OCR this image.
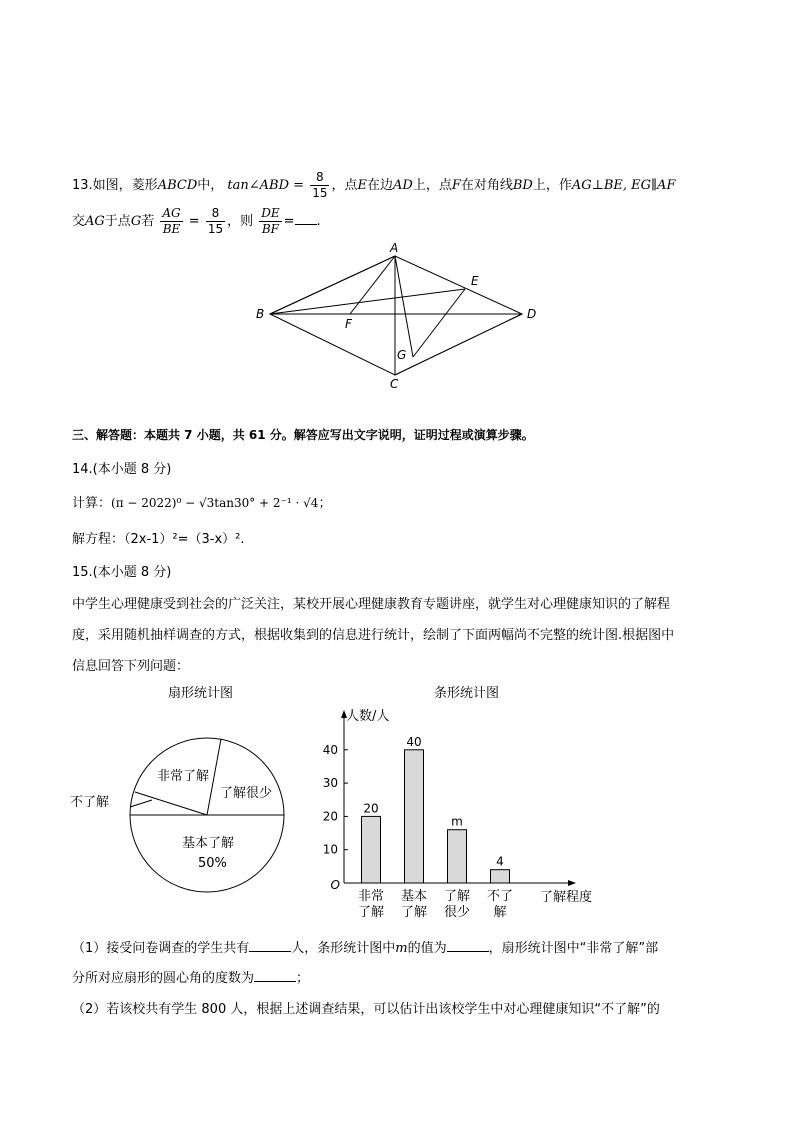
13.如图，菱形ABCD中， tan∠ABD = $\frac{8}{15}$ ，点E在边AD上，点F在对角线BD上，作AG⊥BE, EG∥AF
交AG于点G若 $\frac{AG}{BE} = \frac{8}{15}$ ，则 $\frac{DE}{BF}$ = .
A
B
C
D
E
F
G
三、解答题：本题共 7 小题，共 61 分。解答应写出文字说明，证明过程或演算步骤。
14.(本小题 8 分)
计算：(π − 2022)⁰ − √3tan30° + 2⁻¹ · √4；
解方程：（2x-1）²=（3-x）².
15.(本小题 8 分)
中学生心理健康受到社会的广泛关注，某校开展心理健康教育专题讲座，就学生对心理健康知识的了解程
度，采用随机抽样调查的方式，根据收集到的信息进行统计，绘制了下面两幅尚不完整的统计图.根据图中
信息回答下列问题：
扇形统计图
非常了解
了解很少
不了解
基本了解
50%
条形统计图
O
人数/人
了解程度
10
20
30
40
20
非常
了解
40
基本
了解
m
了解
很少
4
不了
解
（1）接受问卷调查的学生共有	人，条形统计图中m的值为	，扇形统计图中“非常了解”部
分所对应扇形的圆心角的度数为	；
（2）若该校共有学生 800 人，根据上述调查结果，可以估计出该校学生中对心理健康知识“不了解”的
